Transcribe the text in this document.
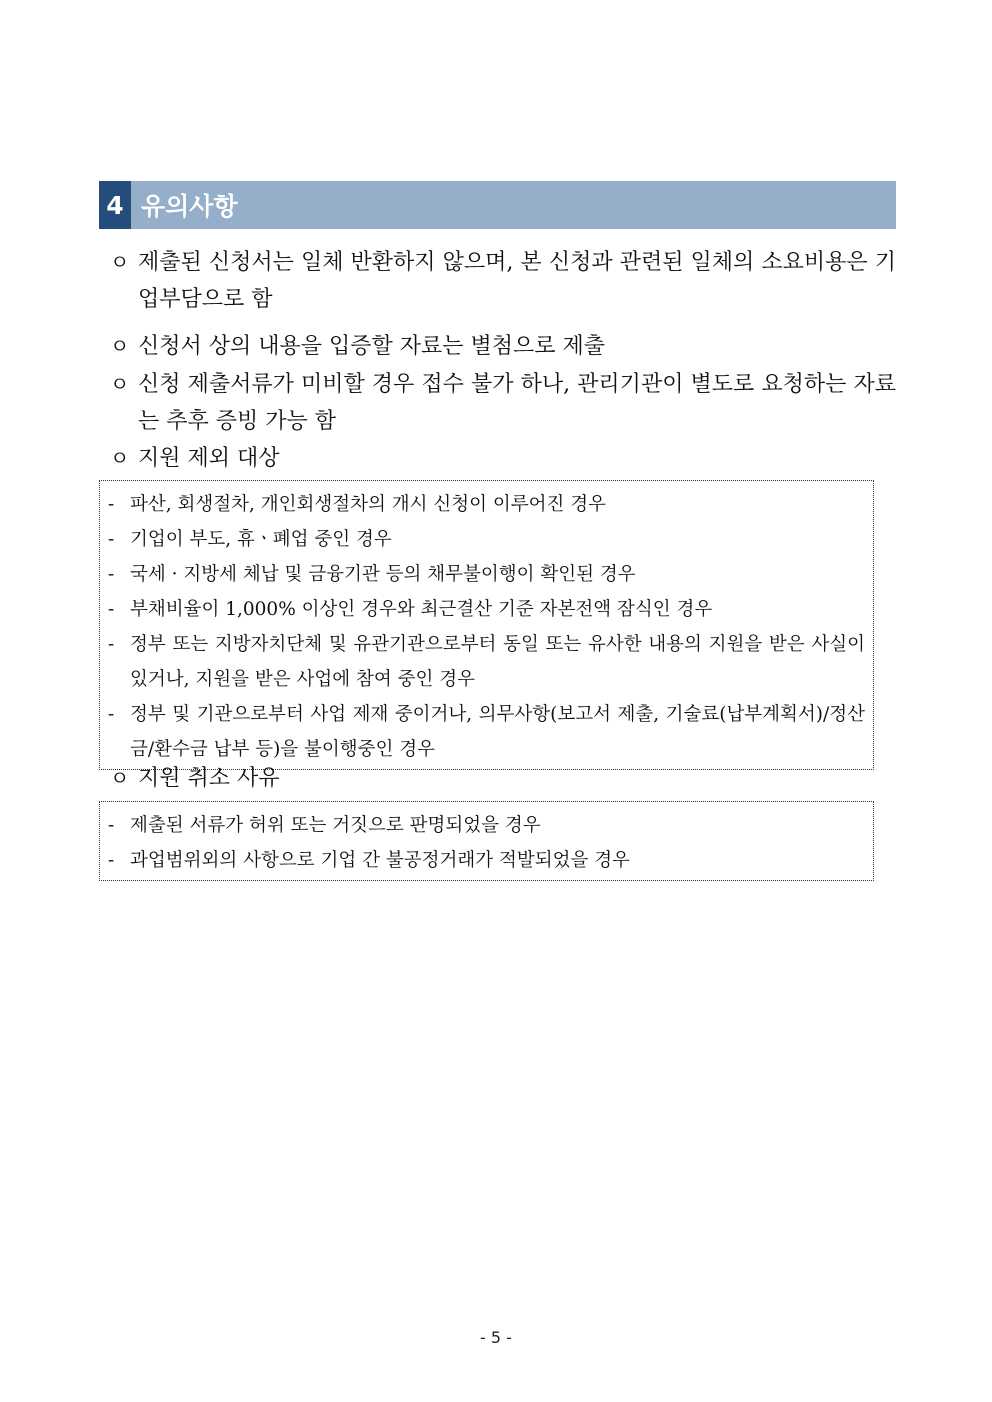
4 유의사항
ㅇ 제출된 신청서는 일체 반환하지 않으며, 본 신청과 관련된 일체의 소요비용은 기업부담으로 함
ㅇ 신청서 상의 내용을 입증할 자료는 별첨으로 제출
ㅇ 신청 제출서류가 미비할 경우 접수 불가 하나, 관리기관이 별도로 요청하는 자료는 추후 증빙 가능 함
ㅇ 지원 제외 대상
- 파산, 회생절차, 개인회생절차의 개시 신청이 이루어진 경우
- 기업이 부도, 휴ㆍ폐업 중인 경우
- 국세 · 지방세 체납 및 금융기관 등의 채무불이행이 확인된 경우
- 부채비율이 1,000% 이상인 경우와 최근결산 기준 자본전액 잠식인 경우
- 정부 또는 지방자치단체 및 유관기관으로부터 동일 또는 유사한 내용의 지원을 받은 사실이 있거나, 지원을 받은 사업에 참여 중인 경우
- 정부 및 기관으로부터 사업 제재 중이거나, 의무사항(보고서 제출, 기술료(납부계획서)/정산금/환수금 납부 등)을 불이행중인 경우
ㅇ 지원 취소 사유
- 제출된 서류가 허위 또는 거짓으로 판명되었을 경우
- 과업범위외의 사항으로 기업 간 불공정거래가 적발되었을 경우
- 5 -
